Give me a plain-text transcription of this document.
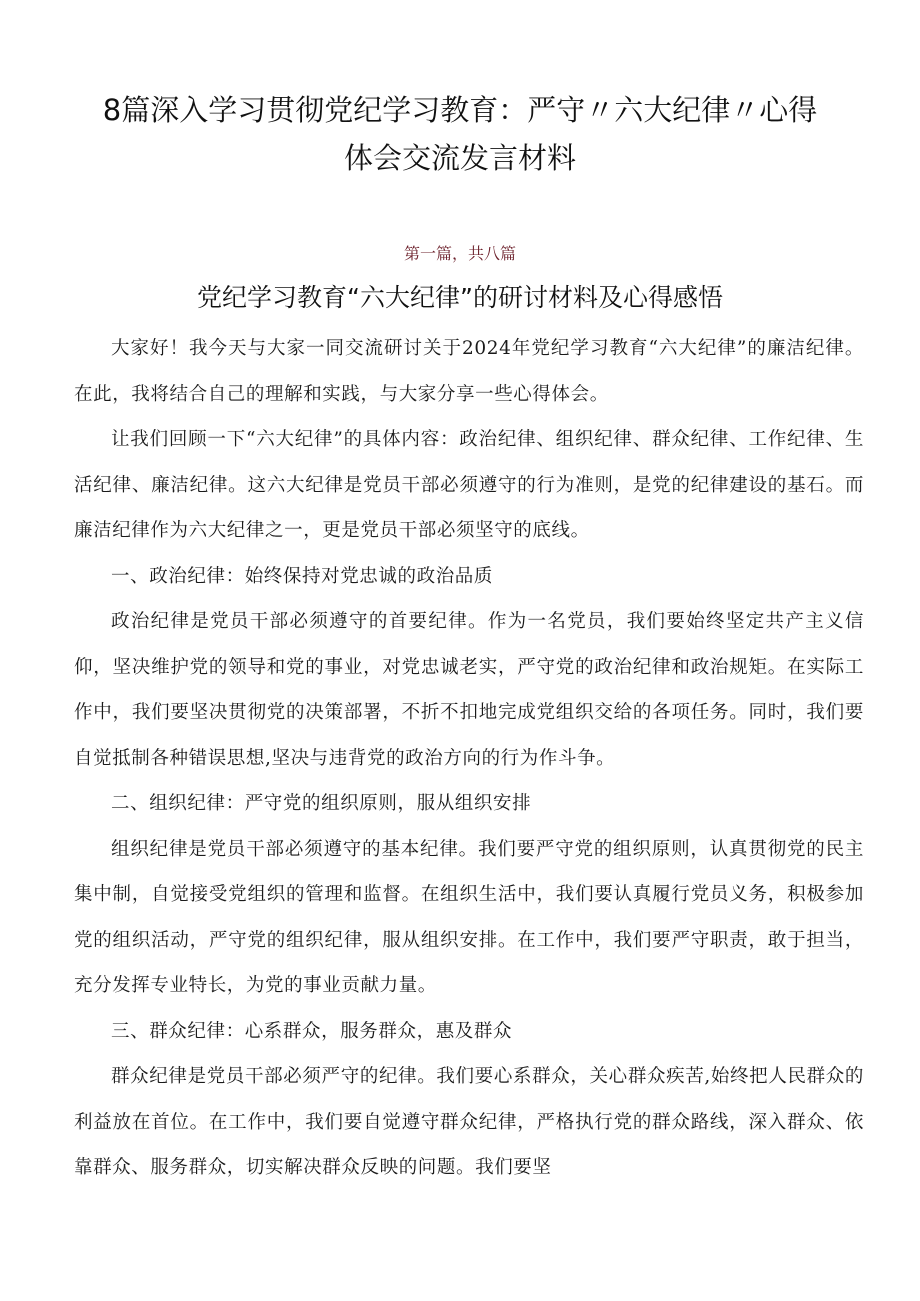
8篇深入学习贯彻党纪学习教育：严守〃六大纪律〃心得
体会交流发言材料
第一篇，共八篇
党纪学习教育“六大纪律”的研讨材料及心得感悟

大家好！我今天与大家一同交流研讨关于2024年党纪学习教育“六大纪律”的廉洁纪律。在此，我将结合自己的理解和实践，与大家分享一些心得体会。

让我们回顾一下“六大纪律”的具体内容：政治纪律、组织纪律、群众纪律、工作纪律、生活纪律、廉洁纪律。这六大纪律是党员干部必须遵守的行为准则，是党的纪律建设的基石。而廉洁纪律作为六大纪律之一，更是党员干部必须坚守的底线。

一、政治纪律：始终保持对党忠诚的政治品质

政治纪律是党员干部必须遵守的首要纪律。作为一名党员，我们要始终坚定共产主义信仰，坚决维护党的领导和党的事业，对党忠诚老实，严守党的政治纪律和政治规矩。在实际工作中，我们要坚决贯彻党的决策部署，不折不扣地完成党组织交给的各项任务。同时，我们要自觉抵制各种错误思想,坚决与违背党的政治方向的行为作斗争。

二、组织纪律：严守党的组织原则，服从组织安排

组织纪律是党员干部必须遵守的基本纪律。我们要严守党的组织原则，认真贯彻党的民主集中制，自觉接受党组织的管理和监督。在组织生活中，我们要认真履行党员义务，积极参加党的组织活动，严守党的组织纪律，服从组织安排。在工作中，我们要严守职责，敢于担当，充分发挥专业特长，为党的事业贡献力量。

三、群众纪律：心系群众，服务群众，惠及群众

群众纪律是党员干部必须严守的纪律。我们要心系群众，关心群众疾苦,始终把人民群众的利益放在首位。在工作中，我们要自觉遵守群众纪律，严格执行党的群众路线，深入群众、依靠群众、服务群众，切实解决群众反映的问题。我们要坚
